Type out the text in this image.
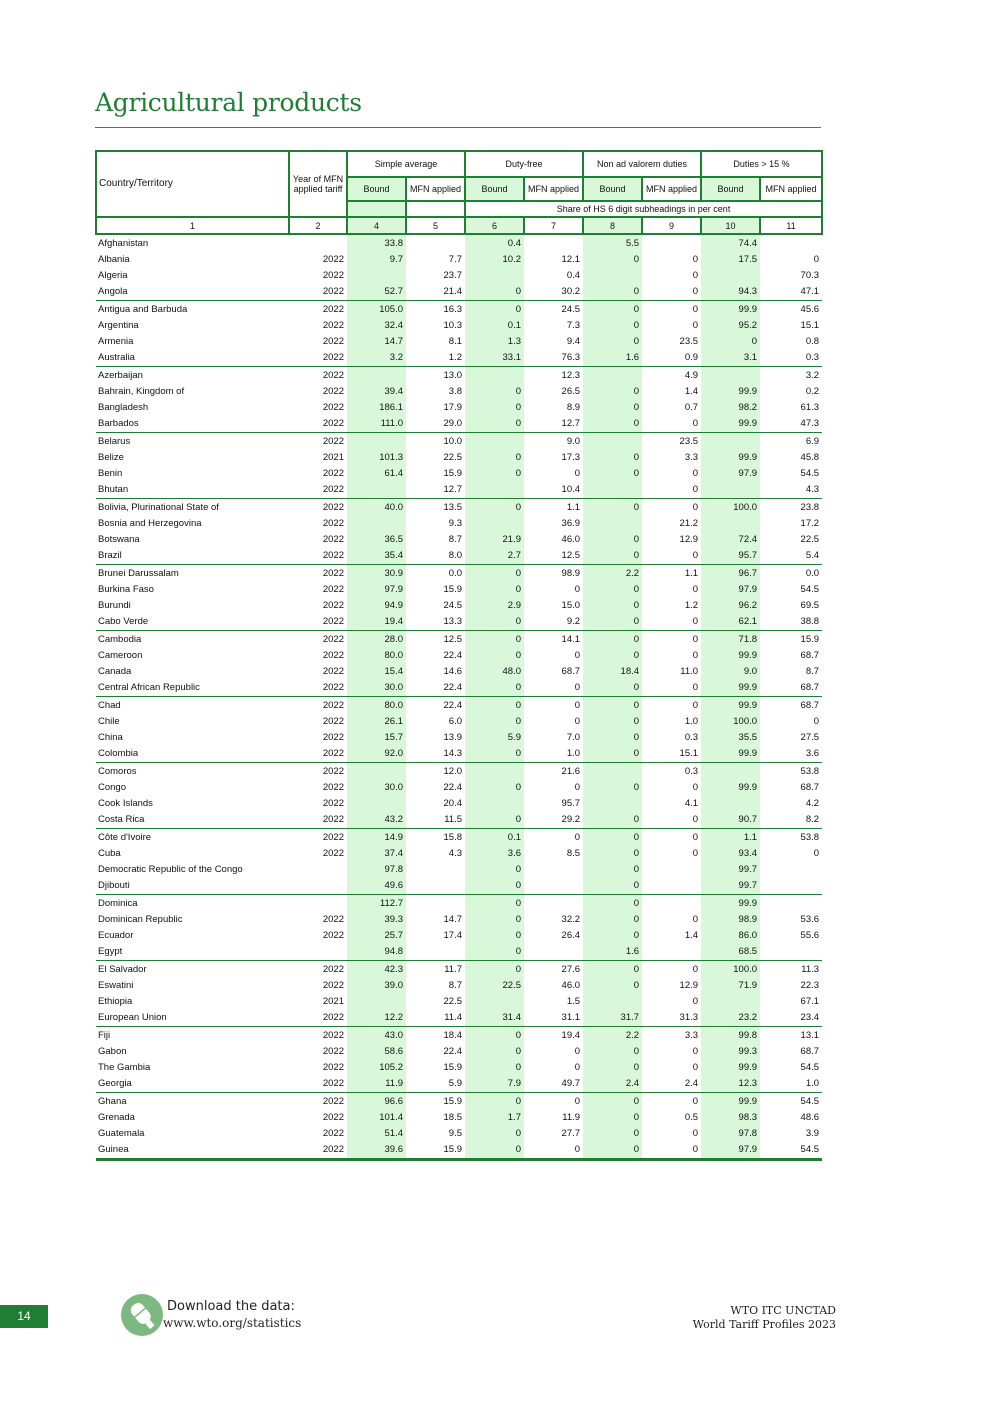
Agricultural products
Country/Territory	Year of MFN applied tariff	Simple average		Duty-free		Non ad valorem duties		Duties > 15 %	
		Bound	MFN applied	Bound	MFN applied	Bound	MFN applied	Bound	MFN applied
				Share of HS 6 digit subheadings in per cent					
1	2	4	5	6	7	8	9	10	11
Afghanistan		33.8		0.4		5.5		74.4	
Albania	2022	9.7	7.7	10.2	12.1	0	0	17.5	0
Algeria	2022		23.7		0.4		0		70.3
Angola	2022	52.7	21.4	0	30.2	0	0	94.3	47.1
Antigua and Barbuda	2022	105.0	16.3	0	24.5	0	0	99.9	45.6
Argentina	2022	32.4	10.3	0.1	7.3	0	0	95.2	15.1
Armenia	2022	14.7	8.1	1.3	9.4	0	23.5	0	0.8
Australia	2022	3.2	1.2	33.1	76.3	1.6	0.9	3.1	0.3
Azerbaijan	2022		13.0		12.3		4.9		3.2
Bahrain, Kingdom of	2022	39.4	3.8	0	26.5	0	1.4	99.9	0.2
Bangladesh	2022	186.1	17.9	0	8.9	0	0.7	98.2	61.3
Barbados	2022	111.0	29.0	0	12.7	0	0	99.9	47.3
Belarus	2022		10.0		9.0		23.5		6.9
Belize	2021	101.3	22.5	0	17.3	0	3.3	99.9	45.8
Benin	2022	61.4	15.9	0	0	0	0	97.9	54.5
Bhutan	2022		12.7		10.4		0		4.3
Bolivia, Plurinational State of	2022	40.0	13.5	0	1.1	0	0	100.0	23.8
Bosnia and Herzegovina	2022		9.3		36.9		21.2		17.2
Botswana	2022	36.5	8.7	21.9	46.0	0	12.9	72.4	22.5
Brazil	2022	35.4	8.0	2.7	12.5	0	0	95.7	5.4
Brunei Darussalam	2022	30.9	0.0	0	98.9	2.2	1.1	96.7	0.0
Burkina Faso	2022	97.9	15.9	0	0	0	0	97.9	54.5
Burundi	2022	94.9	24.5	2.9	15.0	0	1.2	96.2	69.5
Cabo Verde	2022	19.4	13.3	0	9.2	0	0	62.1	38.8
Cambodia	2022	28.0	12.5	0	14.1	0	0	71.8	15.9
Cameroon	2022	80.0	22.4	0	0	0	0	99.9	68.7
Canada	2022	15.4	14.6	48.0	68.7	18.4	11.0	9.0	8.7
Central African Republic	2022	30.0	22.4	0	0	0	0	99.9	68.7
Chad	2022	80.0	22.4	0	0	0	0	99.9	68.7
Chile	2022	26.1	6.0	0	0	0	1.0	100.0	0
China	2022	15.7	13.9	5.9	7.0	0	0.3	35.5	27.5
Colombia	2022	92.0	14.3	0	1.0	0	15.1	99.9	3.6
Comoros	2022		12.0		21.6		0.3		53.8
Congo	2022	30.0	22.4	0	0	0	0	99.9	68.7
Cook Islands	2022		20.4		95.7		4.1		4.2
Costa Rica	2022	43.2	11.5	0	29.2	0	0	90.7	8.2
Côte d'Ivoire	2022	14.9	15.8	0.1	0	0	0	1.1	53.8
Cuba	2022	37.4	4.3	3.6	8.5	0	0	93.4	0
Democratic Republic of the Congo		97.8		0		0		99.7	
Djibouti		49.6		0		0		99.7	
Dominica		112.7		0		0		99.9	
Dominican Republic	2022	39.3	14.7	0	32.2	0	0	98.9	53.6
Ecuador	2022	25.7	17.4	0	26.4	0	1.4	86.0	55.6
Egypt		94.8		0		1.6		68.5	
El Salvador	2022	42.3	11.7	0	27.6	0	0	100.0	11.3
Eswatini	2022	39.0	8.7	22.5	46.0	0	12.9	71.9	22.3
Ethiopia	2021		22.5		1.5		0		67.1
European Union	2022	12.2	11.4	31.4	31.1	31.7	31.3	23.2	23.4
Fiji	2022	43.0	18.4	0	19.4	2.2	3.3	99.8	13.1
Gabon	2022	58.6	22.4	0	0	0	0	99.3	68.7
The Gambia	2022	105.2	15.9	0	0	0	0	99.9	54.5
Georgia	2022	11.9	5.9	7.9	49.7	2.4	2.4	12.3	1.0
Ghana	2022	96.6	15.9	0	0	0	0	99.9	54.5
Grenada	2022	101.4	18.5	1.7	11.9	0	0.5	98.3	48.6
Guatemala	2022	51.4	9.5	0	27.7	0	0	97.8	3.9
Guinea	2022	39.6	15.9	0	0	0	0	97.9	54.5
14
Download the data:
www.wto.org/statistics
WTO ITC UNCTAD
World Tariff Profiles 2023
